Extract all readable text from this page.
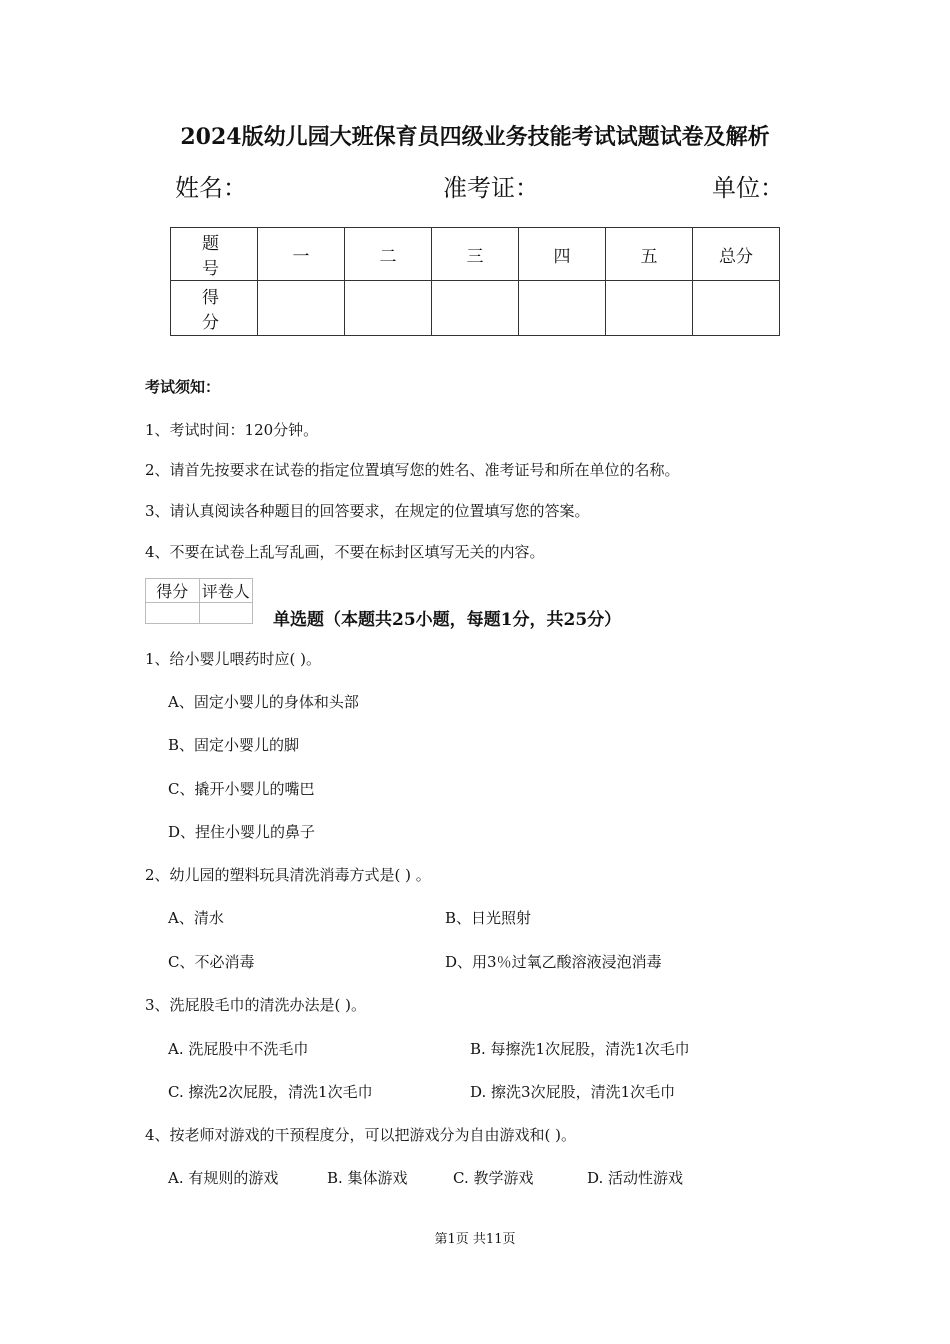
2024版幼儿园大班保育员四级业务技能考试试题试卷及解析
姓名：	准考证：	单位：
题 号	一	二	三	四	五	总分
得 分						
考试须知：
1、考试时间：120分钟。
2、请首先按要求在试卷的指定位置填写您的姓名、准考证号和所在单位的名称。
3、请认真阅读各种题目的回答要求，在规定的位置填写您的答案。
4、不要在试卷上乱写乱画，不要在标封区填写无关的内容。
得分	评卷人

单选题（本题共25小题，每题1分，共25分）
1、给小婴儿喂药时应( )。
A、固定小婴儿的身体和头部
B、固定小婴儿的脚
C、撬开小婴儿的嘴巴
D、捏住小婴儿的鼻子
2、幼儿园的塑料玩具清洗消毒方式是( ) 。
A、清水	B、日光照射
C、不必消毒	D、用3％过氧乙酸溶液浸泡消毒
3、洗屁股毛巾的清洗办法是( )。
A. 洗屁股中不洗毛巾	B. 每擦洗1次屁股，清洗1次毛巾
C. 擦洗2次屁股，清洗1次毛巾	D. 擦洗3次屁股，清洗1次毛巾
4、按老师对游戏的干预程度分，可以把游戏分为自由游戏和( )。
A. 有规则的游戏	B. 集体游戏	C. 教学游戏	D. 活动性游戏
第1页 共11页
